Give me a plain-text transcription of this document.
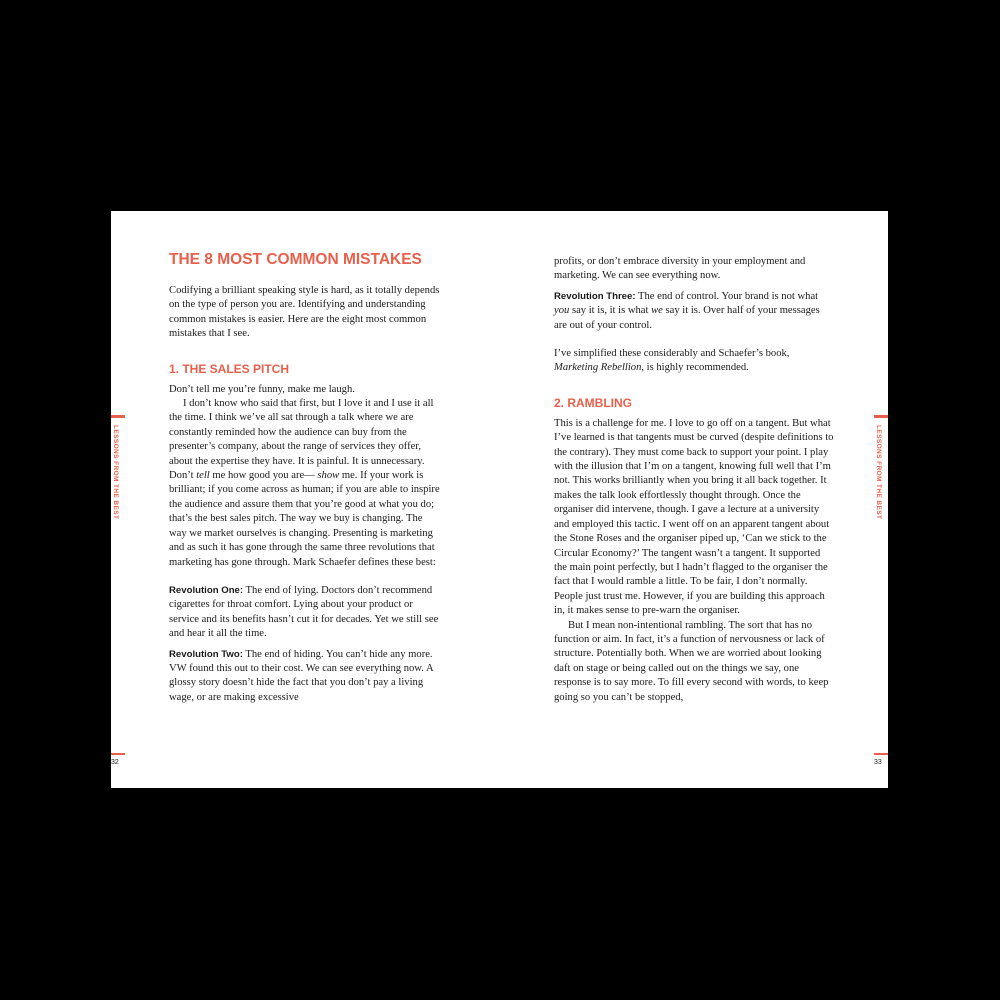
LESSONS FROM THE BEST
THE 8 MOST COMMON MISTAKES

Codifying a brilliant speaking style is hard, as it totally depends on the type of person you are. Identifying and understanding common mistakes is easier. Here are the eight most common mistakes that I see.

1. THE SALES PITCH

Don’t tell me you’re funny, make me laugh.

I don’t know who said that first, but I love it and I use it all the time. I think we’ve all sat through a talk where we are constantly reminded how the audience can buy from the presenter’s company, about the range of services they offer, about the expertise they have. It is painful. It is unnecessary. Don’t tell me how good you are— show me. If your work is brilliant; if you come across as human; if you are able to inspire the audience and assure them that you’re good at what you do; that’s the best sales pitch. The way we buy is changing. The way we market ourselves is changing. Presenting is marketing and as such it has gone through the same three revolutions that marketing has gone through. Mark Schaefer defines these best:

Revolution One: The end of lying. Doctors don’t recommend cigarettes for throat comfort. Lying about your product or service and its benefits hasn’t cut it for decades. Yet we still see and hear it all the time.

Revolution Two: The end of hiding. You can’t hide any more. VW found this out to their cost. We can see everything now. A glossy story doesn’t hide the fact that you don’t pay a living wage, or are making excessive

32

profits, or don’t embrace diversity in your employment and marketing. We can see everything now.

Revolution Three: The end of control. Your brand is not what you say it is, it is what we say it is. Over half of your messages are out of your control.

I’ve simplified these considerably and Schaefer’s book, Marketing Rebellion, is highly recommended.

2. RAMBLING

This is a challenge for me. I love to go off on a tangent. But what I’ve learned is that tangents must be curved (despite definitions to the contrary). They must come back to support your point. I play with the illusion that I’m on a tangent, knowing full well that I’m not. This works brilliantly when you bring it all back together. It makes the talk look effortlessly thought through. Once the organiser did intervene, though. I gave a lecture at a university and employed this tactic. I went off on an apparent tangent about the Stone Roses and the organiser piped up, ‘Can we stick to the Circular Economy?’ The tangent wasn’t a tangent. It supported the main point perfectly, but I hadn’t flagged to the organiser the fact that I would ramble a little. To be fair, I don’t normally. People just trust me. However, if you are building this approach in, it makes sense to pre-warn the organiser.

But I mean non-intentional rambling. The sort that has no function or aim. In fact, it’s a function of nervousness or lack of structure. Potentially both. When we are worried about looking daft on stage or being called out on the things we say, one response is to say more. To fill every second with words, to keep going so you can’t be stopped,

LESSONS FROM THE BEST
33
